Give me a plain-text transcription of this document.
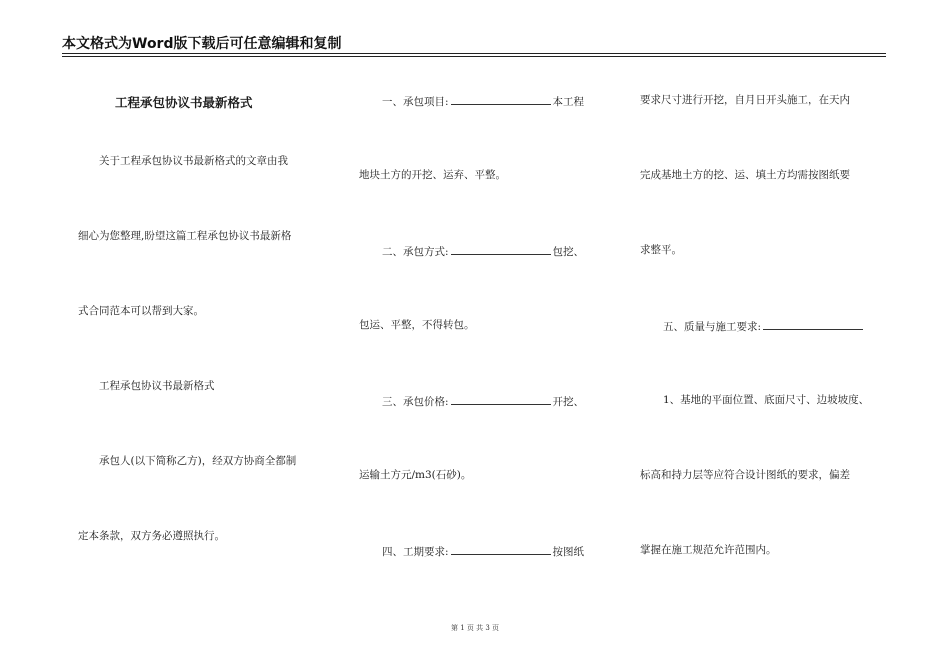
本文格式为Word版下载后可任意编辑和复制
工程承包协议书最新格式
关于工程承包协议书最新格式的文章由我
细心为您整理,盼望这篇工程承包协议书最新格
式合同范本可以帮到大家。
工程承包协议书最新格式
承包人(以下简称乙方)，经双方协商全都制
定本条款，双方务必遵照执行。
一、承包项目:	本工程
地块土方的开挖、运弃、平整。
二、承包方式:	包挖、
包运、平整，不得转包。
三、承包价格:	开挖、
运输土方元/m3(石砂)。
四、工期要求:	按图纸
要求尺寸进行开挖，自月日开头施工，在天内
完成基地土方的挖、运、填土方均需按图纸要
求整平。
五、质量与施工要求:
1、基地的平面位置、底面尺寸、边坡坡度、
标高和持力层等应符合设计图纸的要求，偏差
掌握在施工规范允许范围内。
第 1 页 共 3 页
